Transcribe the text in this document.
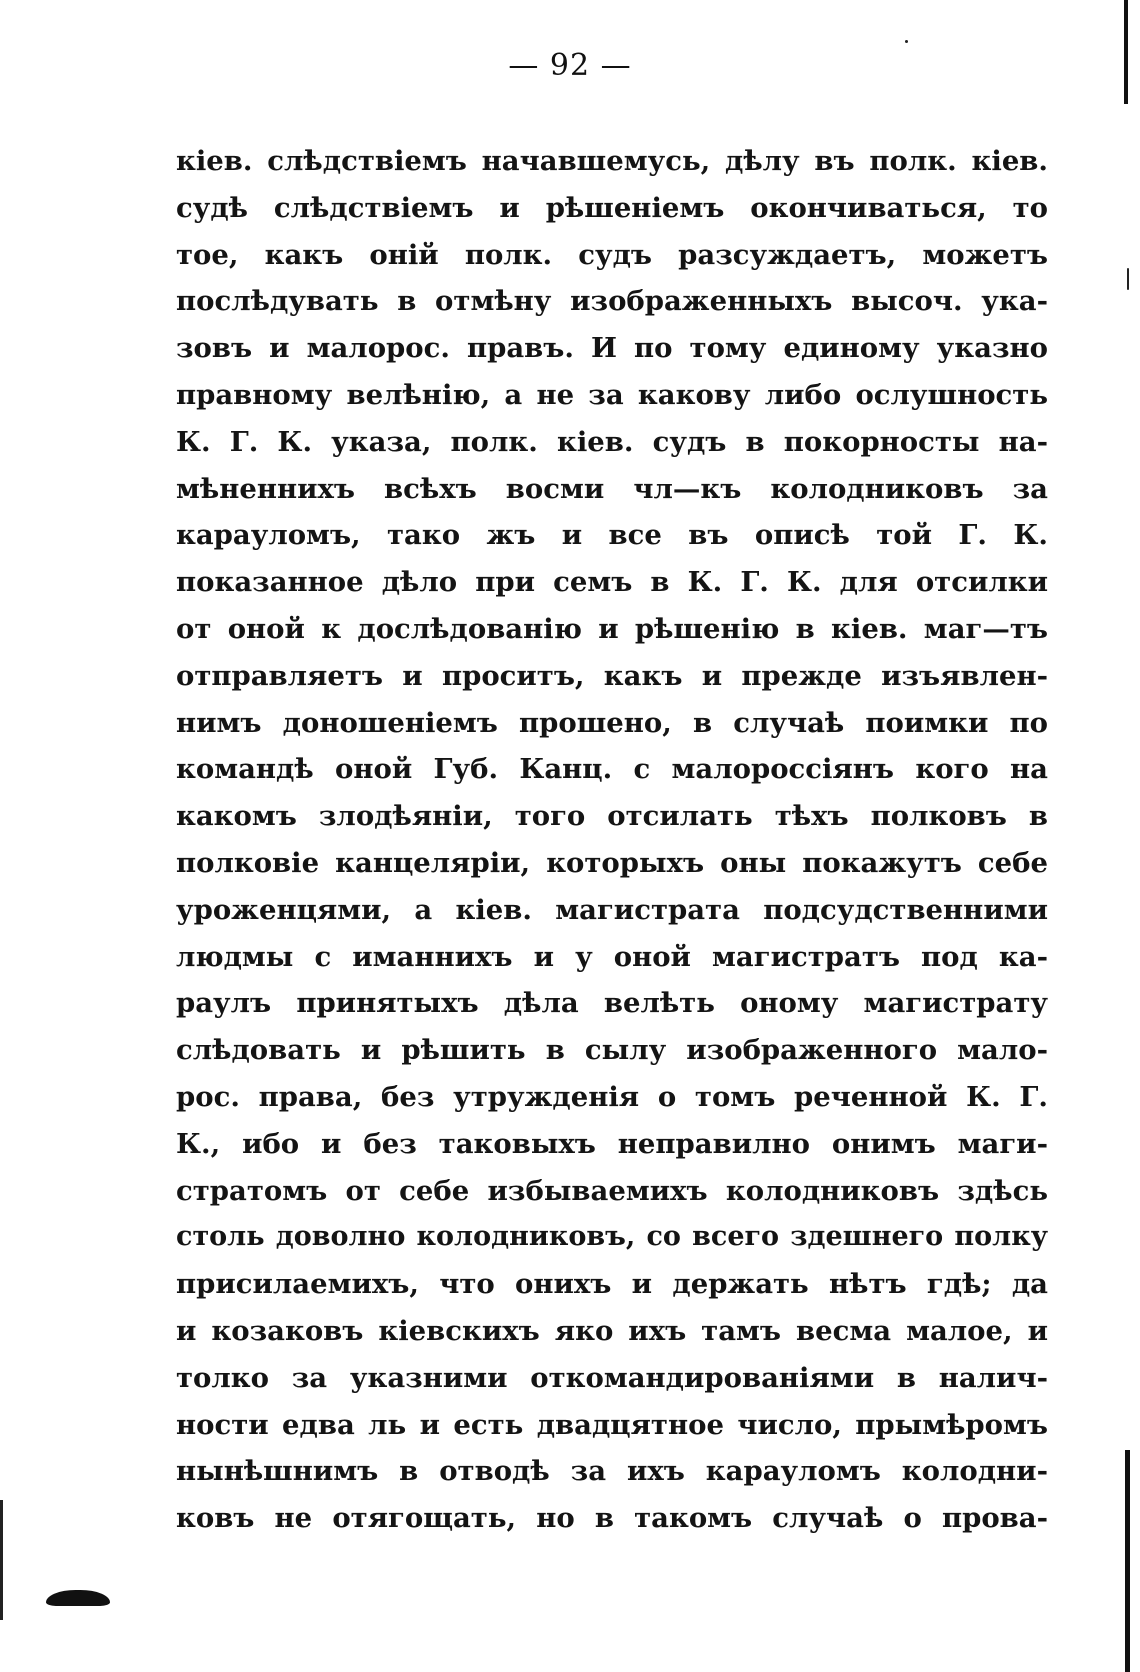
— 92 —
кiев. слѣдствiемъ начавшемусь, дѣлу въ полк. кiев.
судѣ слѣдствiемъ и рѣшенiемъ окончиваться, то
тое, какъ онiй полк. судъ разсуждаетъ, можетъ
послѣдувать в отмѣну изображенныхъ высоч. ука-
зовъ и малорос. правъ. И по тому единому указно
правному велѣнiю, а не за какову либо ослушность
К. Г. К. указа, полк. кiев. судъ в покорносты на-
мѣненнихъ всѣхъ восми чл—къ колодниковъ за
карауломъ, тако жъ и все въ описѣ той Г. К.
показанное дѣло при семъ в К. Г. К. для отсилки
от оной к дослѣдованiю и рѣшенiю в кiев. маг—тъ
отправляетъ и проситъ, какъ и прежде изъявлен-
нимъ доношенiемъ прошено, в случаѣ поимки по
командѣ оной Губ. Канц. с малороссiянъ кого на
какомъ злодѣянiи, того отсилать тѣхъ полковъ в
полковiе канцелярiи, которыхъ оны покажутъ себе
уроженцями, а кiев. магистрата подсудственними
людмы с иманнихъ и у оной магистратъ под ка-
раулъ принятыхъ дѣла велѣть оному магистрату
слѣдовать и рѣшить в сылу изображенного мало-
рос. права, без утружденiя о томъ реченной К. Г.
К., ибо и без таковыхъ неправилно онимъ маги-
стратомъ от себе избываемихъ колодниковъ здѣсь
столь доволно колодниковъ, со всего здешнего полку
присилаемихъ, что онихъ и держать нѣтъ гдѣ; да
и козаковъ кiевскихъ яко ихъ тамъ весма малое, и
толко за указними откомандированiями в налич-
ности едва ль и есть двадцятное число, прымѣромъ
нынѣшнимъ в отводѣ за ихъ карауломъ колодни-
ковъ не отягощать, но в такомъ случаѣ о прова-
